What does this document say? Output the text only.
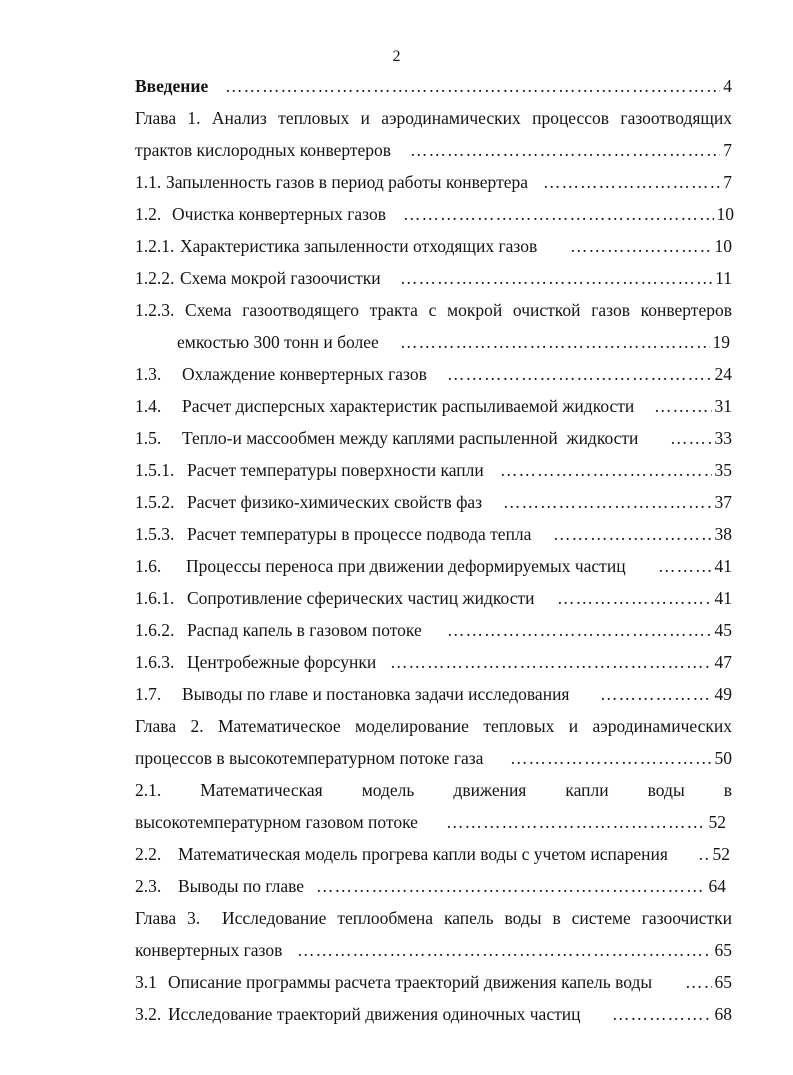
2
Введение ……………………………………………………………………………………………………………………………………………………	4
Глава 1. Анализ тепловых и аэродинамических процессов газоотводящих
трактов кислородных конвертеров ……………………………………………………………………………………………………………………………………………………	7
1.1. Запыленность газов в период работы конвертера ……………………………………………………………………………………………………………………………………………………	7
1.2. Очистка конвертерных газов ……………………………………………………………………………………………………………………………………………………	10
1.2.1. Характеристика запыленности отходящих газов ……………………………………………………………………………………………………………………………………………………	10
1.2.2. Схема мокрой газоочистки ……………………………………………………………………………………………………………………………………………………	11
1.2.3. Схема газоотводящего тракта с мокрой очисткой газов конвертеров
емкостью 300 тонн и более ……………………………………………………………………………………………………………………………………………………	19
1.3. Охлаждение конвертерных газов ……………………………………………………………………………………………………………………………………………………	24
1.4. Расчет дисперсных характеристик распыливаемой жидкости ……………………………………………………………………………………………………………………………………………………	31
1.5. Тепло-и массообмен между каплями распыленной  жидкости ……………………………………………………………………………………………………………………………………………………	33
1.5.1. Расчет температуры поверхности капли ……………………………………………………………………………………………………………………………………………………	35
1.5.2. Расчет физико-химических свойств фаз ……………………………………………………………………………………………………………………………………………………	37
1.5.3. Расчет температуры в процессе подвода тепла ……………………………………………………………………………………………………………………………………………………	38
1.6. Процессы переноса при движении деформируемых частиц ……………………………………………………………………………………………………………………………………………………	41
1.6.1. Сопротивление сферических частиц жидкости ……………………………………………………………………………………………………………………………………………………	41
1.6.2. Распад капель в газовом потоке ……………………………………………………………………………………………………………………………………………………	45
1.6.3. Центробежные форсунки ……………………………………………………………………………………………………………………………………………………	47
1.7. Выводы по главе и постановка задачи исследования ……………………………………………………………………………………………………………………………………………………	49
Глава 2. Математическое моделирование тепловых и аэродинамических
процессов в высокотемпературном потоке газа ……………………………………………………………………………………………………………………………………………………	50
2.1. Математическая модель движения капли воды в
высокотемпературном газовом потоке ……………………………………………………………………………………………………………………………………………………	52
2.2. Математическая модель прогрева капли воды с учетом испарения ……………………………………………………………………………………………………………………………………………………	52
2.3. Выводы по главе ……………………………………………………………………………………………………………………………………………………	64
Глава 3.  Исследование теплообмена капель воды в системе газоочистки
конвертерных газов ……………………………………………………………………………………………………………………………………………………	65
3.1 Описание программы расчета траекторий движения капель воды ……………………………………………………………………………………………………………………………………………………	65
3.2. Исследование траекторий движения одиночных частиц ……………………………………………………………………………………………………………………………………………………	68
